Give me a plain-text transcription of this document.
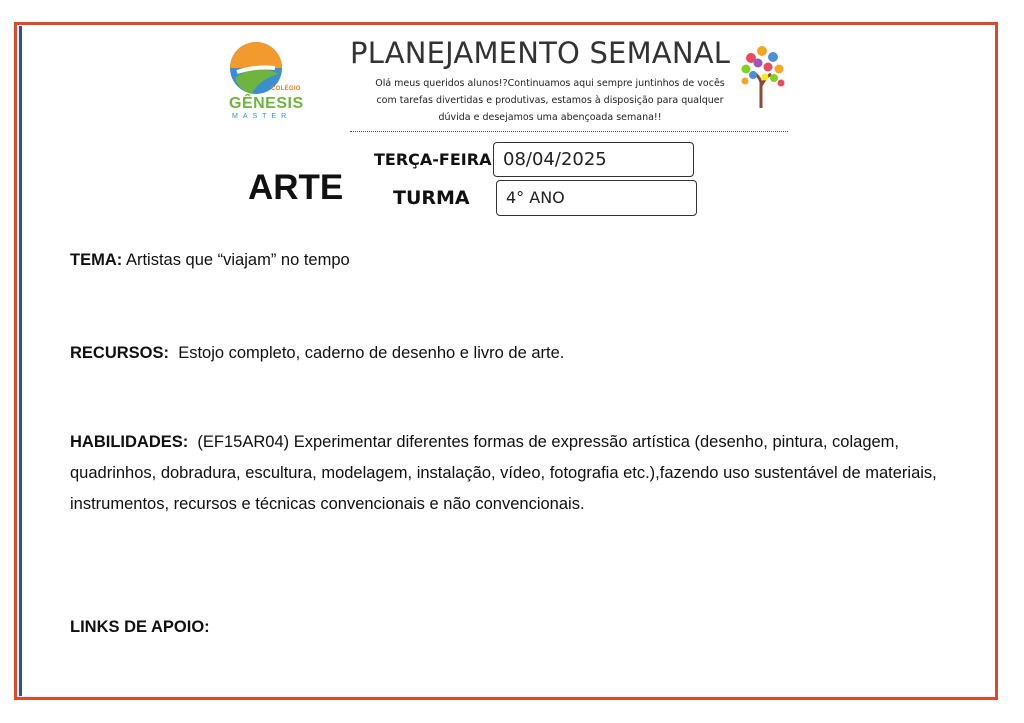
COLÉGIO
GÊNESIS
MASTER
PLANEJAMENTO SEMANAL
Olá meus queridos alunos!?Continuamos aqui sempre juntinhos de vocês com tarefas divertidas e produtivas, estamos à disposição para qualquer dúvida e desejamos uma abençoada semana!!
ARTE
TERÇA-FEIRA 08/04/2025
TURMA	4° ANO
TEMA: Artistas que “viajam” no tempo
RECURSOS: Estojo completo, caderno de desenho e livro de arte.
HABILIDADES: (EF15AR04) Experimentar diferentes formas de expressão artística (desenho, pintura, colagem, quadrinhos, dobradura, escultura, modelagem, instalação, vídeo, fotografia etc.),fazendo uso sustentável de materiais, instrumentos, recursos e técnicas convencionais e não convencionais.
LINKS DE APOIO:
